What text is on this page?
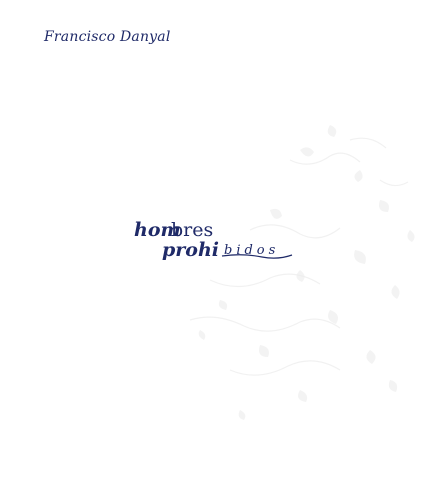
Francisco Danyal
hom
bres
prohi bidos
